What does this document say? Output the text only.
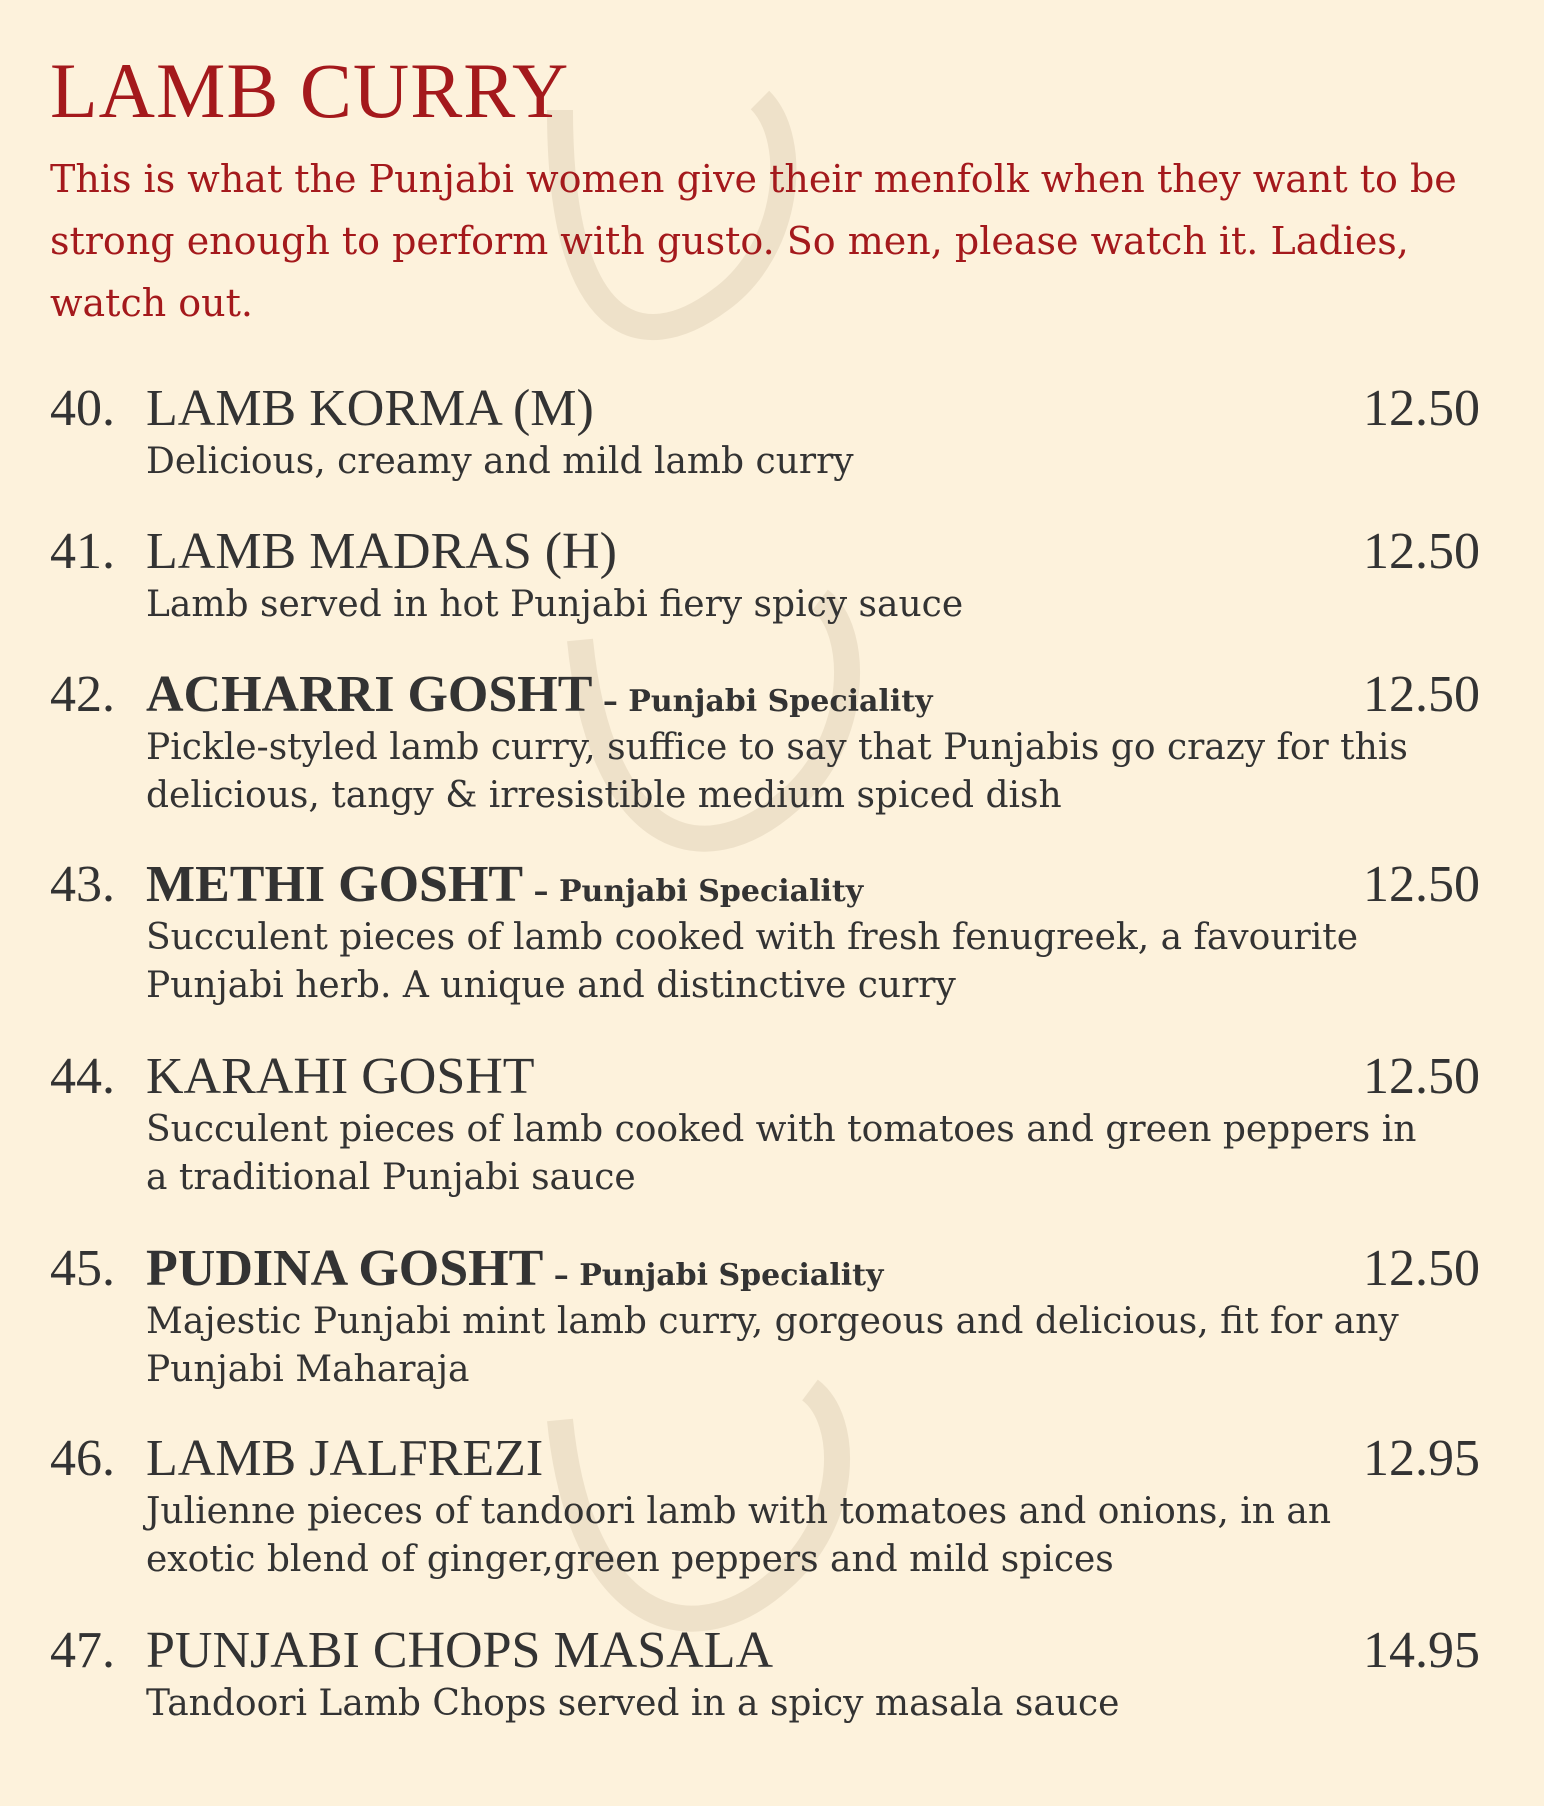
LAMB CURRY

This is what the Punjabi women give their menfolk when they want to be strong enough to perform with gusto. So men, please watch it. Ladies, watch out.

40. LAMB KORMA (M)	12.50
Delicious, creamy and mild lamb curry
41. LAMB MADRAS (H)	12.50
Lamb served in hot Punjabi fiery spicy sauce
42. ACHARRI GOSHT – Punjabi Speciality	12.50
Pickle-styled lamb curry, suffice to say that Punjabis go crazy for this delicious, tangy & irresistible medium spiced dish
43. METHI GOSHT – Punjabi Speciality	12.50
Succulent pieces of lamb cooked with fresh fenugreek, a favourite Punjabi herb. A unique and distinctive curry
44. KARAHI GOSHT	12.50
Succulent pieces of lamb cooked with tomatoes and green peppers in a traditional Punjabi sauce
45. PUDINA GOSHT – Punjabi Speciality	12.50
Majestic Punjabi mint lamb curry, gorgeous and delicious, fit for any Punjabi Maharaja
46. LAMB JALFREZI	12.95
Julienne pieces of tandoori lamb with tomatoes and onions, in an exotic blend of ginger,green peppers and mild spices
47. PUNJABI CHOPS MASALA	14.95
Tandoori Lamb Chops served in a spicy masala sauce
